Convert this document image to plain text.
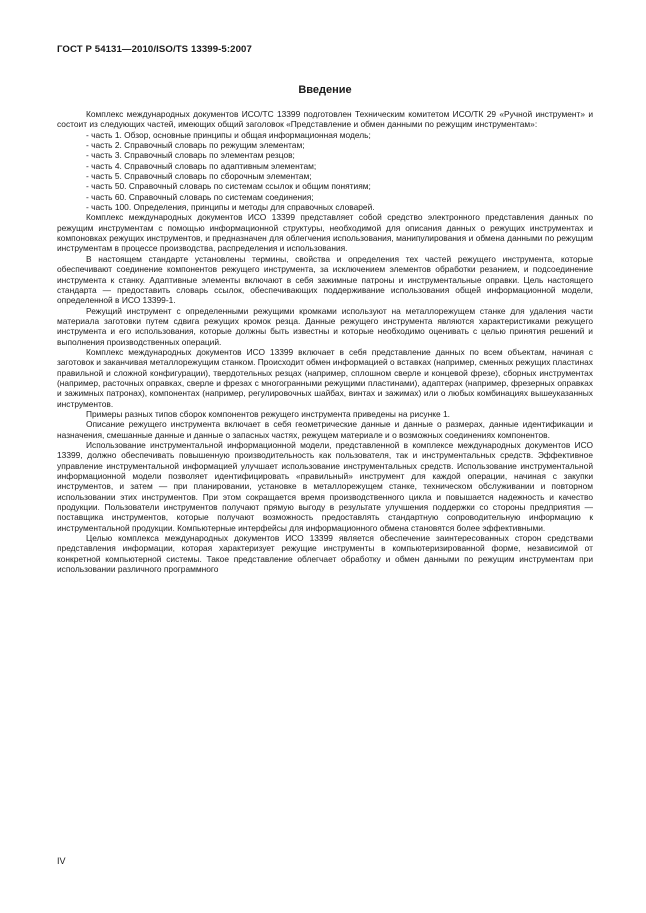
ГОСТ Р 54131—2010/ISO/TS 13399-5:2007
Введение

Комплекс международных документов ИСО/ТС 13399 подготовлен Техническим комитетом ИСО/ТК 29 «Ручной инструмент» и состоит из следующих частей, имеющих общий заголовок «Представление и обмен данными по режущим инструментам»:

- часть 1. Обзор, основные принципы и общая информационная модель;
- часть 2. Справочный словарь по режущим элементам;
- часть 3. Справочный словарь по элементам резцов;
- часть 4. Справочный словарь по адаптивным элементам;
- часть 5. Справочный словарь по сборочным элементам;
- часть 50. Справочный словарь по системам ссылок и общим понятиям;
- часть 60. Справочный словарь по системам соединения;
- часть 100. Определения, принципы и методы для справочных словарей.

Комплекс международных документов ИСО 13399 представляет собой средство электронного представления данных по режущим инструментам с помощью информационной структуры, необходимой для описания данных о режущих инструментах и компоновках режущих инструментов, и предназначен для облегчения использования, манипулирования и обмена данными по режущим инструментам в процессе производства, распределения и использования.

В настоящем стандарте установлены термины, свойства и определения тех частей режущего инструмента, которые обеспечивают соединение компонентов режущего инструмента, за исключением элементов обработки резанием, и подсоединение инструмента к станку. Адаптивные элементы включают в себя зажимные патроны и инструментальные оправки. Цель настоящего стандарта — предоставить словарь ссылок, обеспечивающих поддерживание использования общей информационной модели, определенной в ИСО 13399-1.

Режущий инструмент с определенными режущими кромками используют на металлорежущем станке для удаления части материала заготовки путем сдвига режущих кромок резца. Данные режущего инструмента являются характеристиками режущего инструмента и его использования, которые должны быть известны и которые необходимо оценивать с целью принятия решений и выполнения производственных операций.

Комплекс международных документов ИСО 13399 включает в себя представление данных по всем объектам, начиная с заготовок и заканчивая металлорежущим станком. Происходит обмен информацией о вставках (например, сменных режущих пластинах правильной и сложной конфигурации), твердотельных резцах (например, сплошном сверле и концевой фрезе), сборных инструментах (например, расточных оправках, сверле и фрезах с многогранными режущими пластинами), адаптерах (например, фрезерных оправках и зажимных патронах), компонентах (например, регулировочных шайбах, винтах и зажимах) или о любых комбинациях вышеуказанных инструментов.

Примеры разных типов сборок компонентов режущего инструмента приведены на рисунке 1.

Описание режущего инструмента включает в себя геометрические данные и данные о размерах, данные идентификации и назначения, смешанные данные и данные о запасных частях, режущем материале и о возможных соединениях компонентов.

Использование инструментальной информационной модели, представленной в комплексе международных документов ИСО 13399, должно обеспечивать повышенную производительность как пользователя, так и инструментальных средств. Эффективное управление инструментальной информацией улучшает использование инструментальных средств. Использование инструментальной информационной модели позволяет идентифицировать «правильный» инструмент для каждой операции, начиная с закупки инструментов, и затем — при планировании, установке в металлорежущем станке, техническом обслуживании и повторном использовании этих инструментов. При этом сокращается время производственного цикла и повышается надежность и качество продукции. Пользователи инструментов получают прямую выгоду в результате улучшения поддержки со стороны предприятия — поставщика инструментов, которые получают возможность предоставлять стандартную сопроводительную информацию к инструментальной продукции. Компьютерные интерфейсы для информационного обмена становятся более эффективными.

Целью комплекса международных документов ИСО 13399 является обеспечение заинтересованных сторон средствами представления информации, которая характеризует режущие инструменты в компьютеризированной форме, независимой от конкретной компьютерной системы. Такое представление облегчает обработку и обмен данными по режущим инструментам при использовании различного программного

IV
